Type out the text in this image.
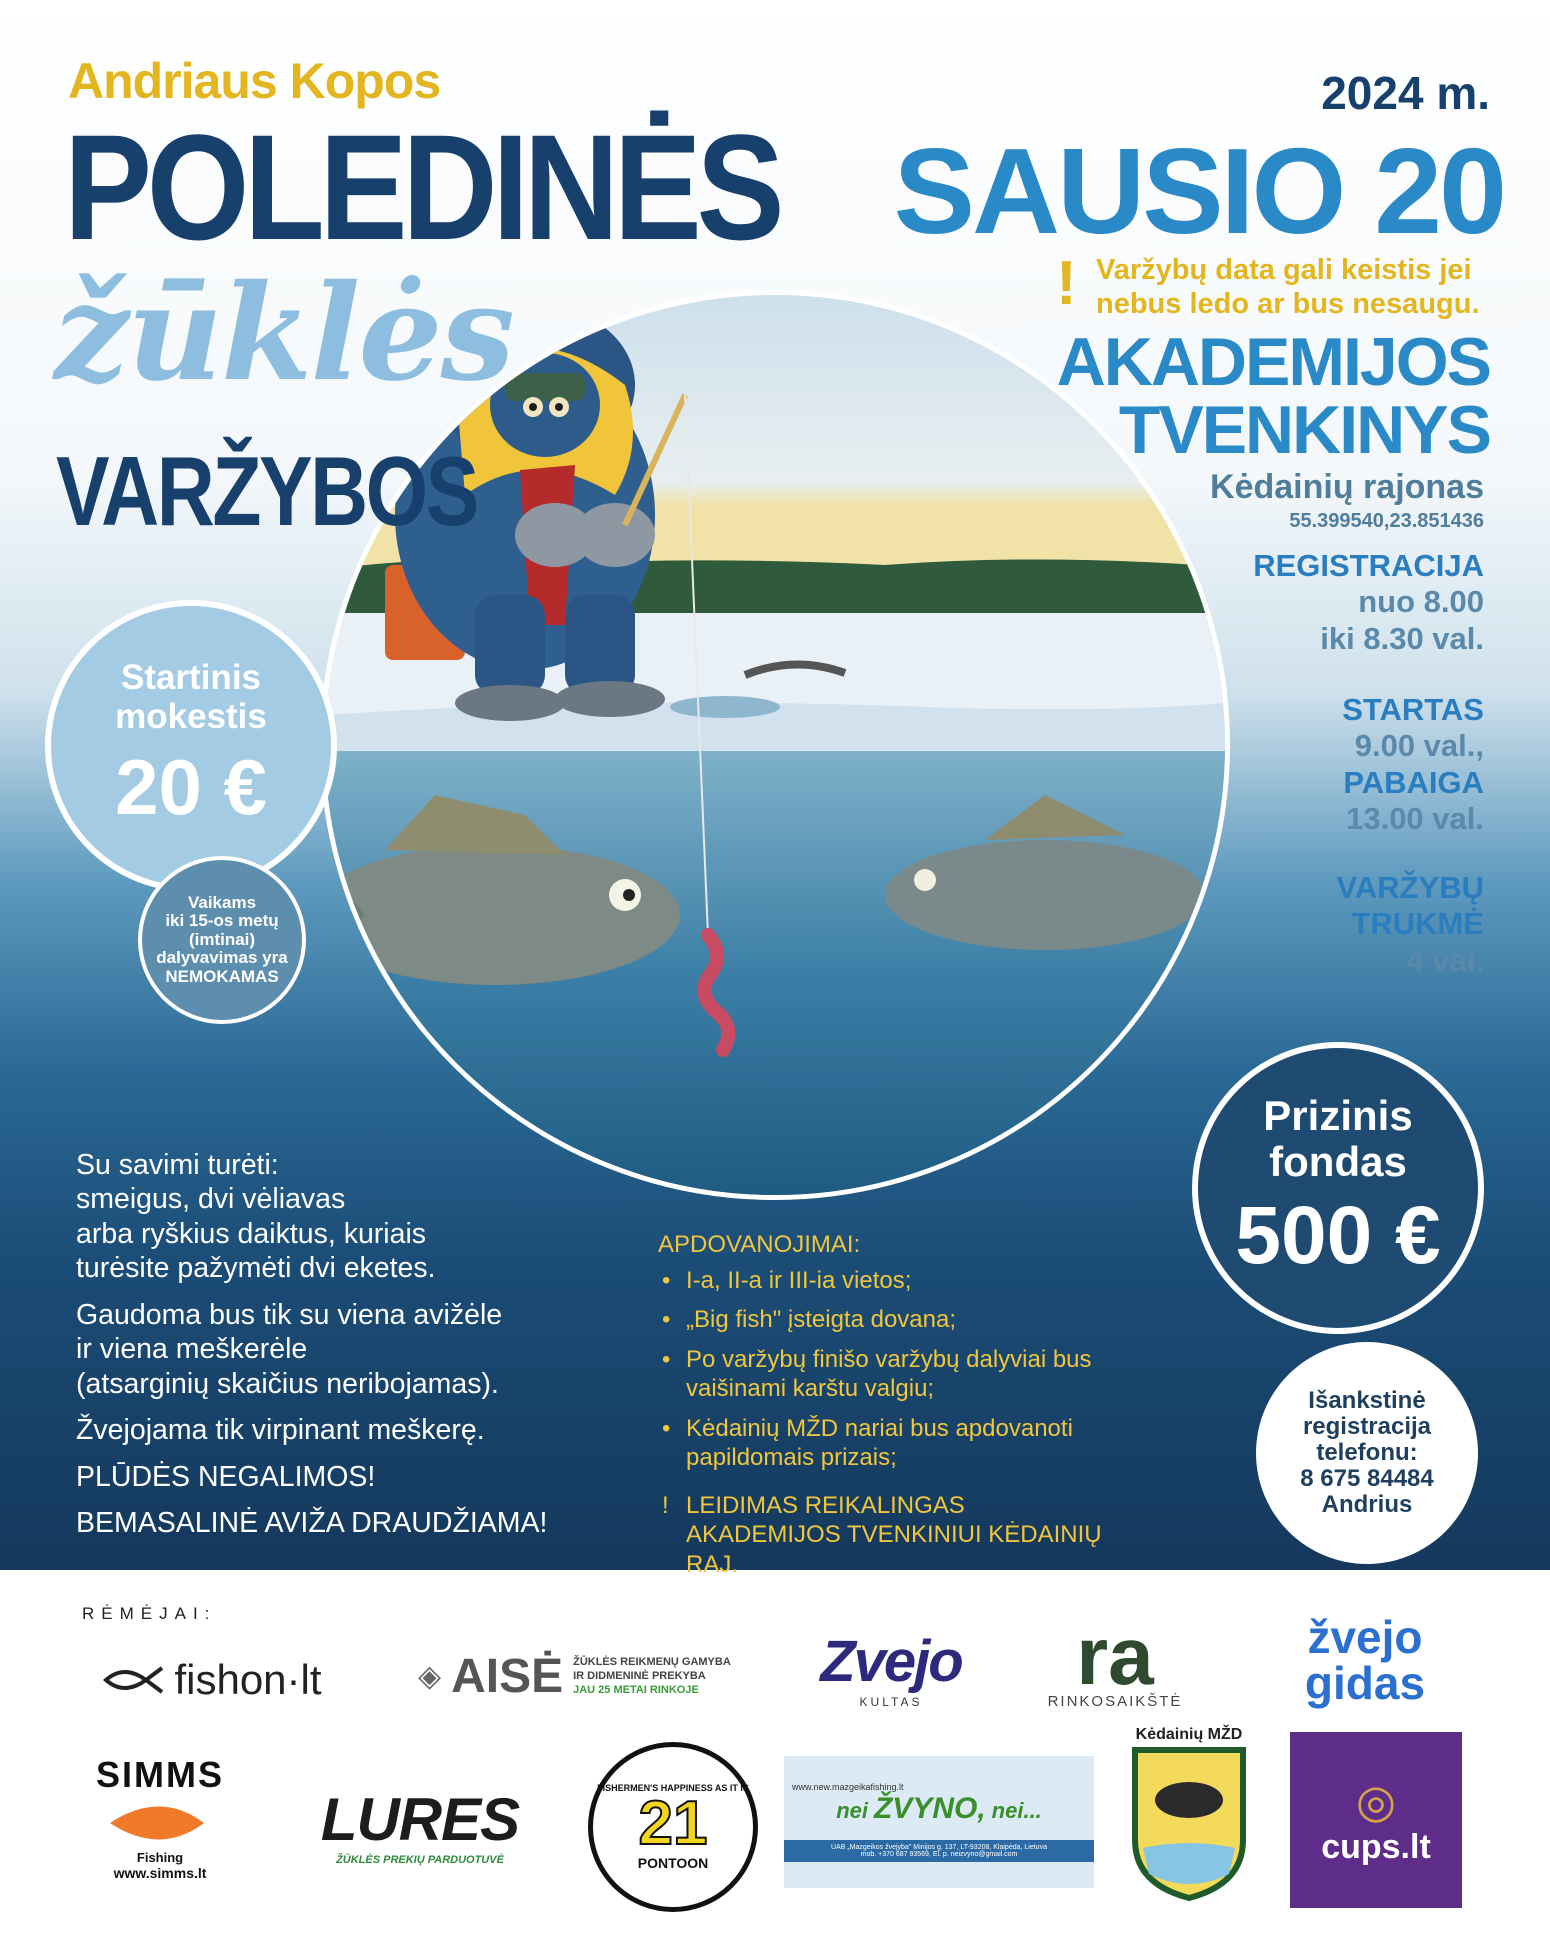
Andriaus Kopos
POLEDINĖS
žūklės
VARŽYBOS
2024 m.
SAUSIO 20
! Varžybų data gali keistis jei
nebus ledo ar bus nesaugu.
AKADEMIJOS
TVENKINYS
Kėdainių rajonas
55.399540,23.851436
REGISTRACIJA
nuo 8.00
iki 8.30 val.
STARTAS
9.00 val.,
PABAIGA
13.00 val.
VARŽYBŲ
TRUKMĖ
4 val.
Startinis
mokestis
20 €
Vaikams
iki 15-os metų
(imtinai)
dalyvavimas yra
NEMOKAMAS
Prizinis
fondas
500 €
Išankstinė
registracija
telefonu:
8 675 84484
Andrius

Su savimi turėti:
smeigus, dvi vėliavas
arba ryškius daiktus, kuriais
turėsite pažymėti dvi eketes.

Gaudoma bus tik su viena avižėle
ir viena meškerėle
(atsarginių skaičius neribojamas).

Žvejojama tik virpinant meškerę.

PLŪDĖS NEGALIMOS!

BEMASALINĖ AVIŽA DRAUDŽIAMA!

APDOVANOJIMAI:
• I-a, II-a ir III-ia vietos;
• „Big fish" įsteigta dovana;
• Po varžybų finišo varžybų dalyviai bus vaišinami karštu valgiu;
• Kėdainių MŽD nariai bus apdovanoti papildomais prizais;
! LEIDIMAS REIKALINGAS AKADEMIJOS TVENKINIUI KĖDAINIŲ RAJ.
RĖMĖJAI:
fishon·lt	◈ AISĖ ŽŪKLĖS REIKMENŲ GAMYBA
IR DIDMENINĖ PREKYBA
JAU 25 METAI RINKOJE	Zvejo
KULTAS ra
RINKOSAIKŠTĖ
žvejo
gidas
SIMMS
Fishing
www.simms.lt
LURES
ŽŪKLĖS PREKIŲ PARDUOTUVĖ
FISHERMEN'S HAPPINESS AS IT IS
21
PONTOON
www.new.mazgeikafishing.lt
nei ŽVYNO, nei...
UAB „Mazgeikos žvejyba" Minijos g. 137, LT-93208, Klaipėda, Lietuva
mob. +370 687 93569, El. p. neizvyno@gmail.com
Kėdainių MŽD
◎
cups.lt
